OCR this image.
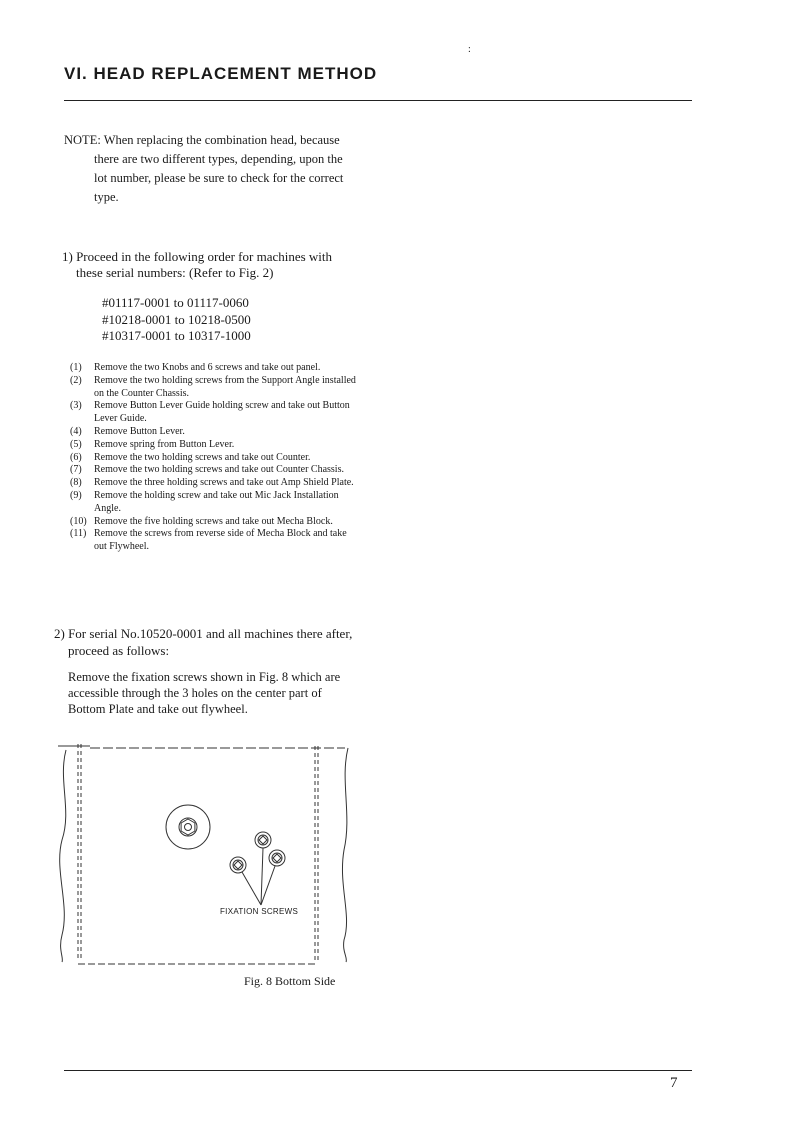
:
VI. HEAD REPLACEMENT METHOD
NOTE: When replacing the combination head, because
there are two different types, depending, upon the
lot number, please be sure to check for the correct
type.
1) Proceed in the following order for machines with
these serial numbers: (Refer to Fig. 2)
#01117-0001 to 01117-0060
#10218-0001 to 10218-0500
#10317-0001 to 10317-1000
(1)	Remove the two Knobs and 6 screws and take out panel.
(2)	Remove the two holding screws from the Support Angle installed on the Counter Chassis.
(3)	Remove Button Lever Guide holding screw and take out Button Lever Guide.
(4)	Remove Button Lever.
(5)	Remove spring from Button Lever.
(6)	Remove the two holding screws and take out Counter.
(7)	Remove the two holding screws and take out Counter Chassis.
(8)	Remove the three holding screws and take out Amp Shield Plate.
(9)	Remove the holding screw and take out Mic Jack Installation Angle.
(10) Remove the five holding screws and take out Mecha Block.
(11) Remove the screws from reverse side of Mecha Block and take out Flywheel.
2) For serial No.10520-0001 and all machines there after,
proceed as follows:
Remove the fixation screws shown in Fig. 8 which are
accessible through the 3 holes on the center part of
Bottom Plate and take out flywheel.
FIXATION SCREWS
Fig. 8 Bottom Side
7
